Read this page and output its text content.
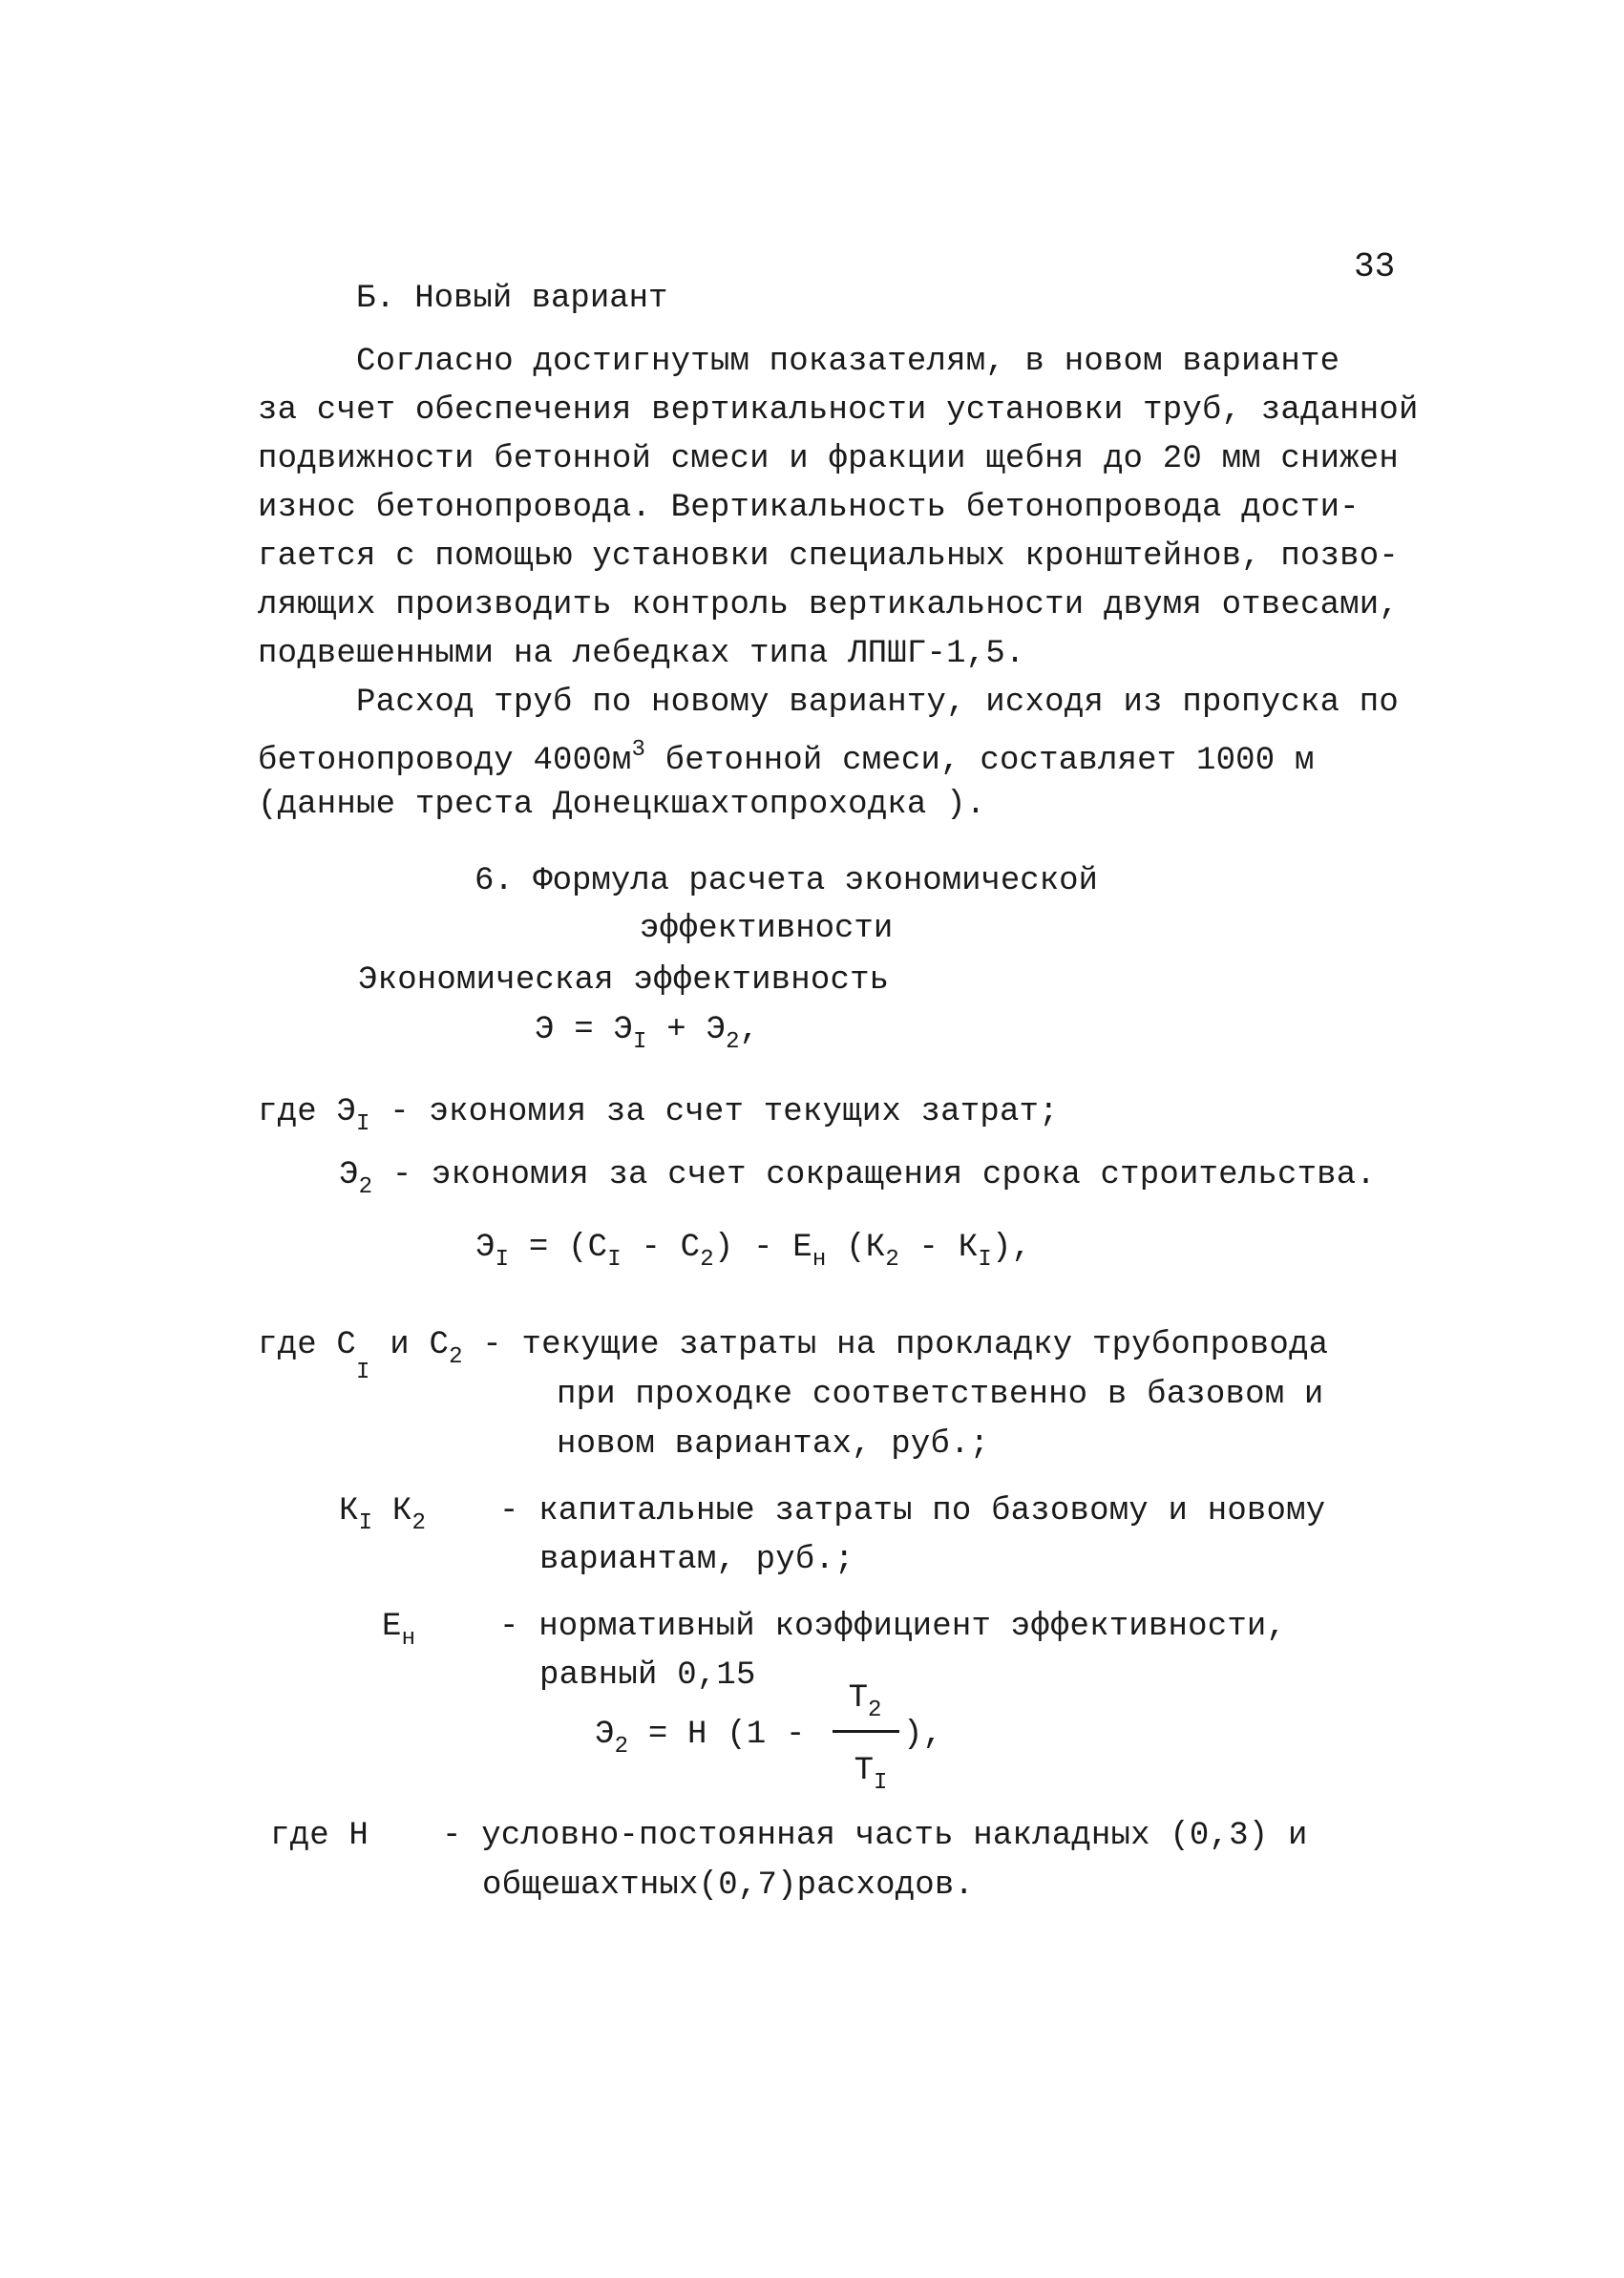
33
Б. Новый вариант
Согласно достигнутым показателям, в новом варианте
за счет обеспечения вертикальности установки труб, заданной
подвижности бетонной смеси и фракции щебня до 20 мм снижен
износ бетонопровода. Вертикальность бетонопровода дости-
гается с помощью установки специальных кронштейнов, позво-
ляющих производить контроль вертикальности двумя отвесами,
подвешенными на лебедках типа ЛПШГ-1,5.
Расход труб по новому варианту, исходя из пропуска по
бетонопроводу $4000м^3$ бетонной смеси, составляет 1000 м
(данные треста Донецкшахтопроходка ).
6. Формула расчета экономической
эффективности
Экономическая эффективность
$Э = Э_I + Э_2$,
где $Э_I$ - экономия за счет текущих затрат;
$Э_2$ - экономия за счет сокращения срока строительства.
$Э_I = (С_I - С_2) - Е_н$ $(К_2 - К_I)$,
где $С_I$ и $С_2$ - текущие затраты на прокладку трубопровода
при проходке соответственно в базовом и
новом вариантах, руб.;
$К_I$ $К_2$ - капитальные затраты по базовому и новому
вариантам, руб.;
$Е_н$	- нормативный коэффициент эффективности,
равный 0,15
$Э_2 = Н$ (1 -
$Т_2$
$Т_I$
),
где Н - условно-постоянная часть накладных (0,3) и
общешахтных(0,7)расходов.
